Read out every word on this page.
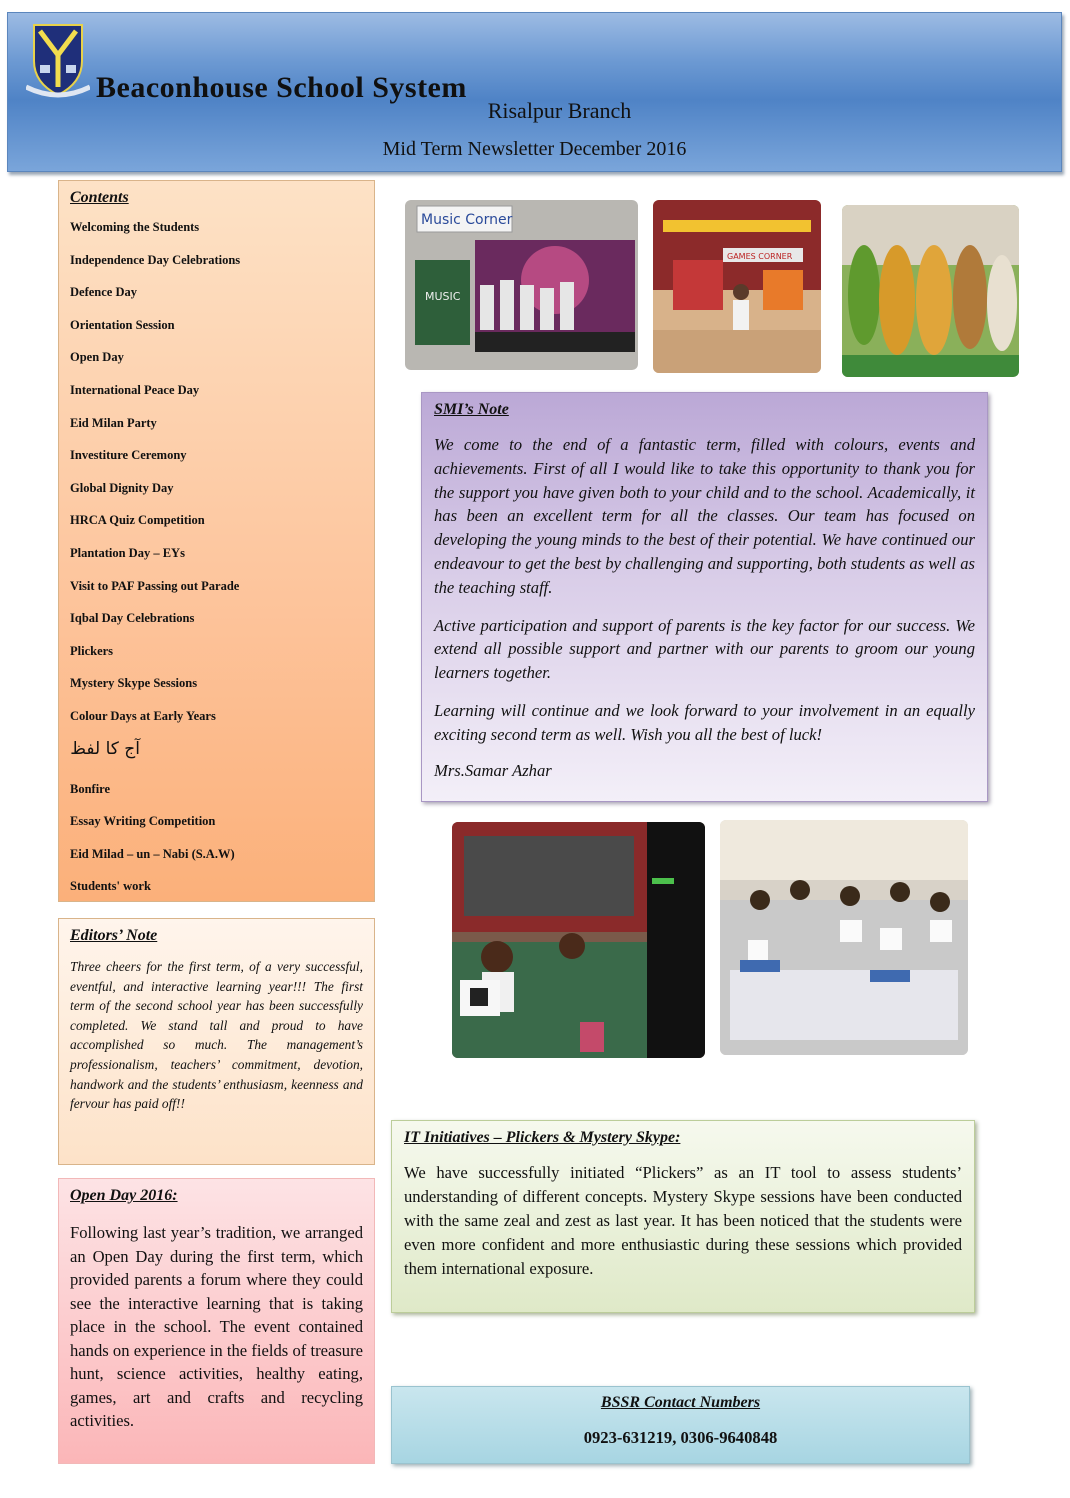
Beaconhouse School System
Risalpur Branch
Mid Term Newsletter December 2016
Contents
Welcoming the Students
Independence Day Celebrations
Defence Day
Orientation Session
Open Day
International Peace Day
Eid Milan Party
Investiture Ceremony
Global Dignity Day
HRCA Quiz Competition
Plantation Day – EYs
Visit to PAF Passing out Parade
Iqbal Day Celebrations
Plickers
Mystery Skype Sessions
Colour Days at Early Years
آج کا لفظ
Bonfire
Essay Writing Competition
Eid Milad – un – Nabi (S.A.W)
Students' work
Editors’ Note

Three cheers for the first term, of a very successful, eventful, and interactive learning year!!! The first term of the second school year has been successfully completed. We stand tall and proud to have accomplished so much. The management’s professionalism, teachers’ commitment, devotion, handwork and the students’ enthusiasm, keenness and fervour has paid off!!

Open Day 2016:

Following last year’s tradition, we arranged an Open Day during the first term, which provided parents a forum where they could see the interactive learning that is taking place in the school. The event contained hands on experience in the fields of treasure hunt, science activities, healthy eating, games, art and crafts and recycling activities.

MUSIC
Music Corner
GAMES CORNER
SMI’s Note

We come to the end of a fantastic term, filled with colours, events and achievements. First of all I would like to take this opportunity to thank you for the support you have given both to your child and to the school. Academically, it has been an excellent term for all the classes. Our team has focused on developing the young minds to the best of their potential. We have continued our endeavour to get the best by challenging and supporting, both students as well as the teaching staff.

Active participation and support of parents is the key factor for our success. We extend all possible support and partner with our parents to groom our young learners together.

Learning will continue and we look forward to your involvement in an equally exciting second term as well. Wish you all the best of luck!

Mrs.Samar Azhar
IT Initiatives – Plickers & Mystery Skype:

We have successfully initiated “Plickers” as an IT tool to assess students’ understanding of different concepts. Mystery Skype sessions have been conducted with the same zeal and zest as last year. It has been noticed that the students were even more confident and more enthusiastic during these sessions which provided them international exposure.

BSSR Contact Numbers
0923-631219, 0306-9640848
